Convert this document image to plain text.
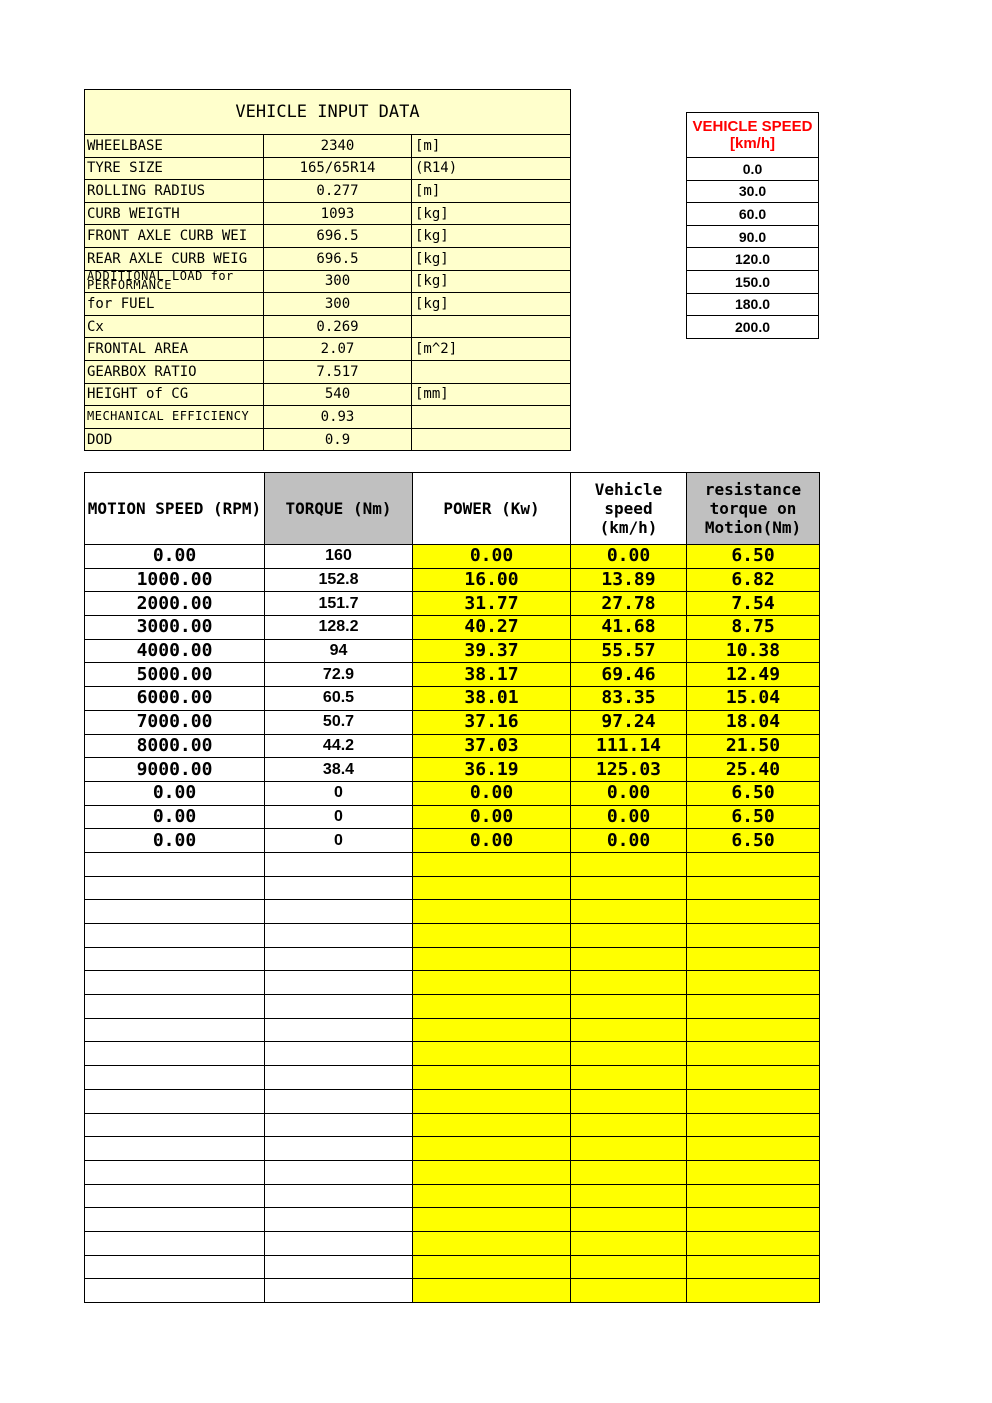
VEHICLE INPUT DATA		
WHEELBASE	2340	[m]
TYRE SIZE	165/65R14	(R14)
ROLLING RADIUS	0.277	[m]
CURB WEIGTH	1093	[kg]
FRONT AXLE CURB WEI	696.5	[kg]
REAR AXLE CURB WEIG	696.5	[kg]
ADDITIONAL LOAD for PERFORMANCE	300	[kg]
for FUEL	300	[kg]
Cx	0.269	
FRONTAL AREA	2.07	[m^2]
GEARBOX RATIO	7.517	
HEIGHT of CG	540	[mm]
MECHANICAL EFFICIENCY	0.93	
DOD	0.9	
VEHICLE SPEED [km/h]
0.0
30.0
60.0
90.0
120.0
150.0
180.0
200.0
MOTION SPEED (RPM)	TORQUE (Nm)	POWER (Kw)	Vehicle speed (km/h)	resistance torque on Motion(Nm)
0.00	160	0.00	0.00	6.50
1000.00	152.8	16.00	13.89	6.82
2000.00	151.7	31.77	27.78	7.54
3000.00	128.2	40.27	41.68	8.75
4000.00	94	39.37	55.57	10.38
5000.00	72.9	38.17	69.46	12.49
6000.00	60.5	38.01	83.35	15.04
7000.00	50.7	37.16	97.24	18.04
8000.00	44.2	37.03	111.14	21.50
9000.00	38.4	36.19	125.03	25.40
0.00	0	0.00	0.00	6.50
0.00	0	0.00	0.00	6.50
0.00	0	0.00	0.00	6.50
